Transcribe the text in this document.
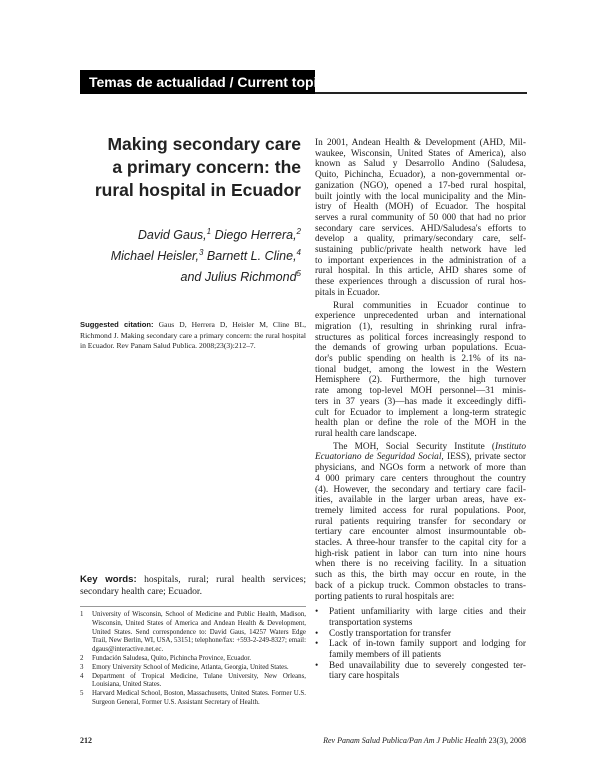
Temas de actualidad / Current topics
Making secondary care
a primary concern: the
rural hospital in Ecuador
David Gaus,$^1$ Diego Herrera,$^2$
Michael Heisler,$^3$ Barnett L. Cline,$^4$
and Julius Richmond$^5$
Suggested citation: Gaus D, Herrera D, Heisler M, Cline BL, Richmond J. Making secondary care a primary concern: the rural hospital in Ecuador. Rev Panam Salud Publica. 2008;23(3):212–7.
Key words: hospitals, rural; rural health services; secondary health care; Ecuador.
1	University of Wisconsin, School of Medicine and Public Health, Madison, Wisconsin, United States of America and Andean Health & Development, United States. Send correspondence to: David Gaus, 14257 Waters Edge Trail, New Berlin, WI, USA, 53151; telephone/fax: +593-2-249-8327; email: dgaus@interactive.net.ec.
2	Fundación Saludesa, Quito, Pichincha Province, Ecuador.
3	Emory University School of Medicine, Atlanta, Georgia, United States.
4	Department of Tropical Medicine, Tulane University, New Orleans, Louisiana, United States.
5	Harvard Medical School, Boston, Massachusetts, United States. Former U.S. Surgeon General, Former U.S. Assistant Secretary of Health.
In 2001, Andean Health & Development (AHD, Mil-
waukee, Wisconsin, United States of America), also
known as Salud y Desarrollo Andino (Saludesa,
Quito, Pichincha, Ecuador), a non-governmental or-
ganization (NGO), opened a 17-bed rural hospital,
built jointly with the local municipality and the Min-
istry of Health (MOH) of Ecuador. The hospital
serves a rural community of 50 000 that had no prior
secondary care services. AHD/Saludesa's efforts to
develop a quality, primary/secondary care, self-
sustaining public/private health network have led
to important experiences in the administration of a
rural hospital. In this article, AHD shares some of
these experiences through a discussion of rural hos-
pitals in Ecuador.
Rural communities in Ecuador continue to
experience unprecedented urban and international
migration (1), resulting in shrinking rural infra-
structures as political forces increasingly respond to
the demands of growing urban populations. Ecua-
dor's public spending on health is 2.1% of its na-
tional budget, among the lowest in the Western
Hemisphere (2). Furthermore, the high turnover
rate among top-level MOH personnel—31 minis-
ters in 37 years (3)—has made it exceedingly diffi-
cult for Ecuador to implement a long-term strategic
health plan or define the role of the MOH in the
rural health care landscape.
The MOH, Social Security Institute (Instituto
Ecuatoriano de Seguridad Social, IESS), private sector
physicians, and NGOs form a network of more than
4 000 primary care centers throughout the country
(4). However, the secondary and tertiary care facil-
ities, available in the larger urban areas, have ex-
tremely limited access for rural populations. Poor,
rural patients requiring transfer for secondary or
tertiary care encounter almost insurmountable ob-
stacles. A three-hour transfer to the capital city for a
high-risk patient in labor can turn into nine hours
when there is no receiving facility. In a situation
such as this, the birth may occur en route, in the
back of a pickup truck. Common obstacles to trans-
porting patients to rural hospitals are:
• Patient unfamiliarity with large cities and their
transportation systems
• Costly transportation for transfer
• Lack of in-town family support and lodging for
family members of ill patients
• Bed unavailability due to severely congested ter-
tiary care hospitals
212	Rev Panam Salud Publica/Pan Am J Public Health 23(3), 2008
